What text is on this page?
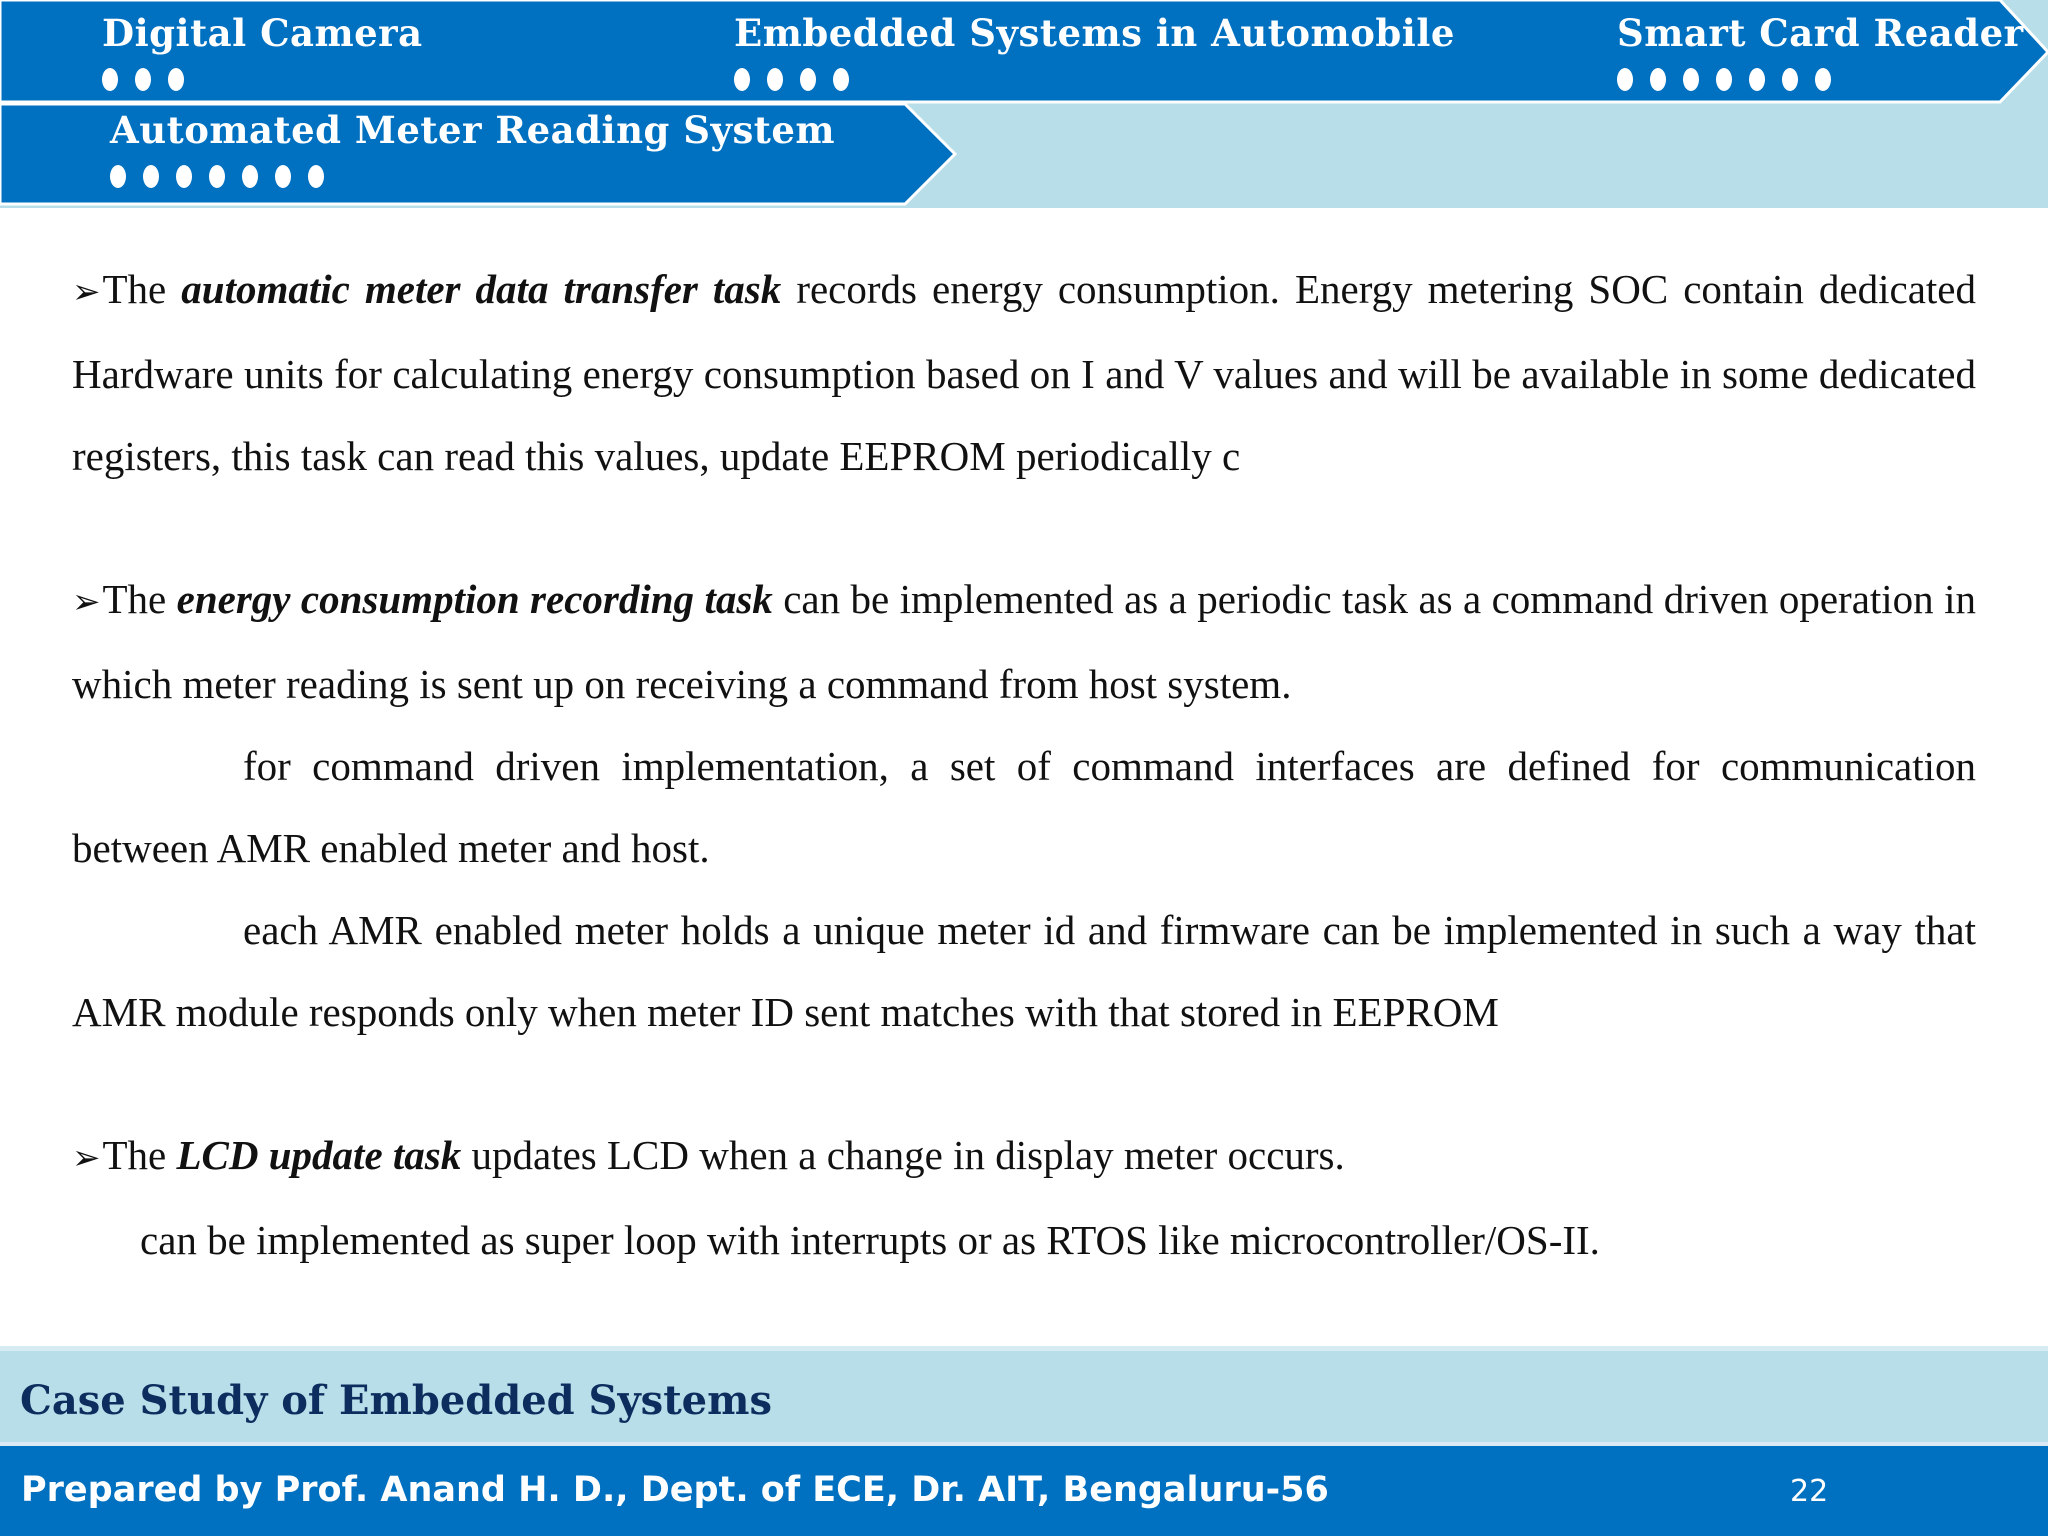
Digital Camera	Embedded Systems in Automobile	Smart Card Reader
Automated Meter Reading System

➢The automatic meter data transfer task records energy consumption. Energy metering SOC contain dedicated Hardware units for calculating energy consumption based on I and V values and will be available in some dedicated registers, this task can read this values, update EEPROM periodically c

➢The energy consumption recording task can be implemented as a periodic task as a command driven operation in which meter reading is sent up on receiving a command from host system.

for command driven implementation, a set of command interfaces are defined for communication between AMR enabled meter and host.

each AMR enabled meter holds a unique meter id and firmware can be implemented in such a way that AMR module responds only when meter ID sent matches with that stored in EEPROM

➢The LCD update task updates LCD when a change in display meter occurs.

can be implemented as super loop with interrupts or as RTOS like microcontroller/OS-II.

Case Study of Embedded Systems
Prepared by Prof. Anand H. D., Dept. of ECE, Dr. AIT, Bengaluru-56	22
